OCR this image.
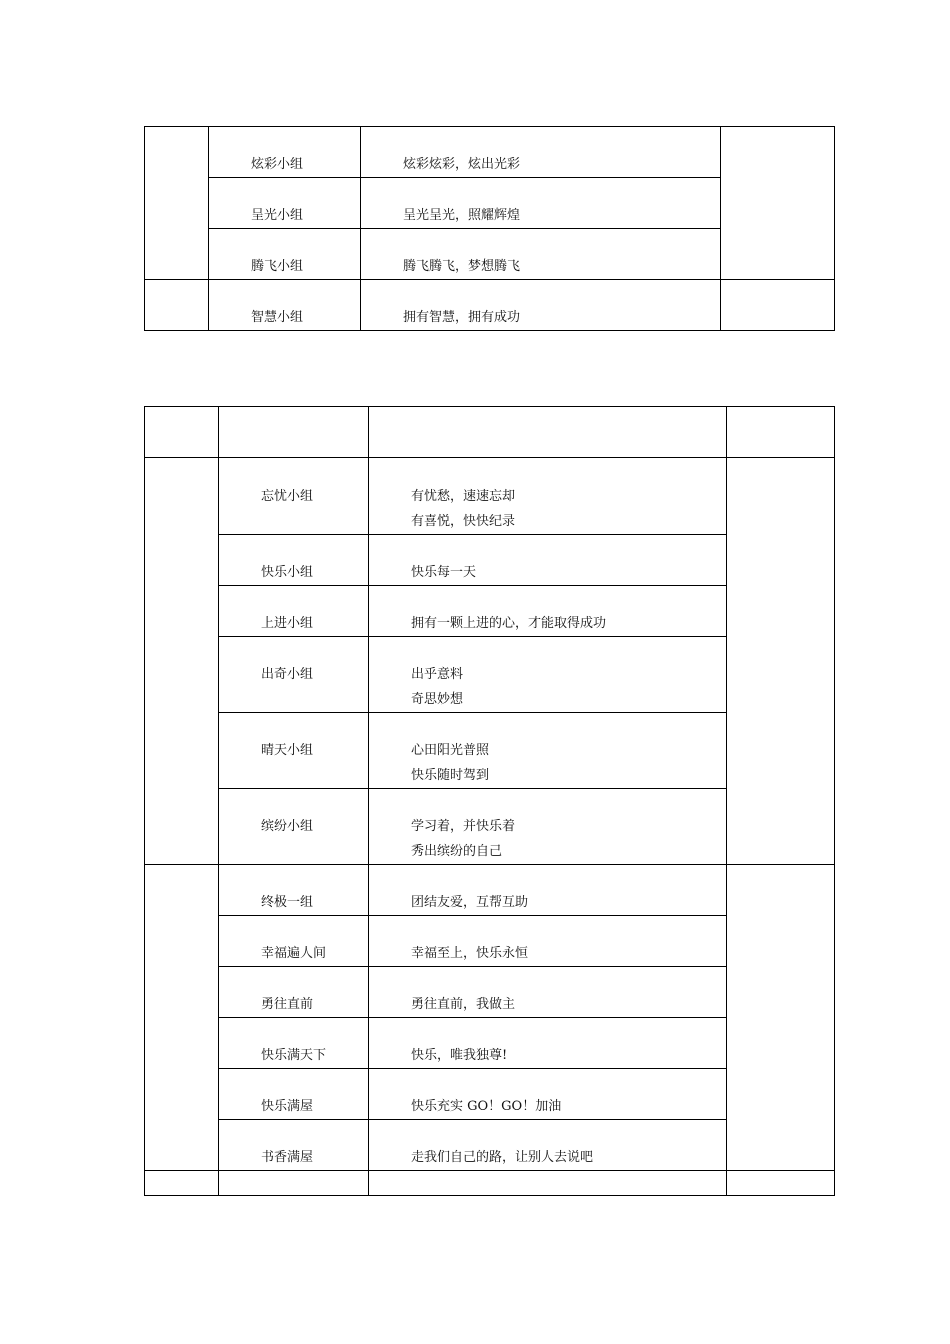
	炫彩小组	炫彩炫彩，炫出光彩	
	呈光小组	呈光呈光，照耀辉煌	
	腾飞小组	腾飞腾飞，梦想腾飞	
	智慧小组	拥有智慧，拥有成功	

	忘忧小组	有忧愁，速速忘却
有喜悦，快快纪录	

	快乐小组	快乐每一天	
	上进小组	拥有一颗上进的心，才能取得成功	
	出奇小组	出乎意料
奇思妙想	

	晴天小组	心田阳光普照
快乐随时驾到	

	缤纷小组	学习着，并快乐着
秀出缤纷的自己	

	终极一组	团结友爱，互帮互助	
	幸福遍人间	幸福至上，快乐永恒	
	勇往直前	勇往直前，我做主	
	快乐满天下	快乐，唯我独尊!	
	快乐满屋	快乐充实 GO！GO！加油	
	书香满屋	走我们自己的路，让别人去说吧	
